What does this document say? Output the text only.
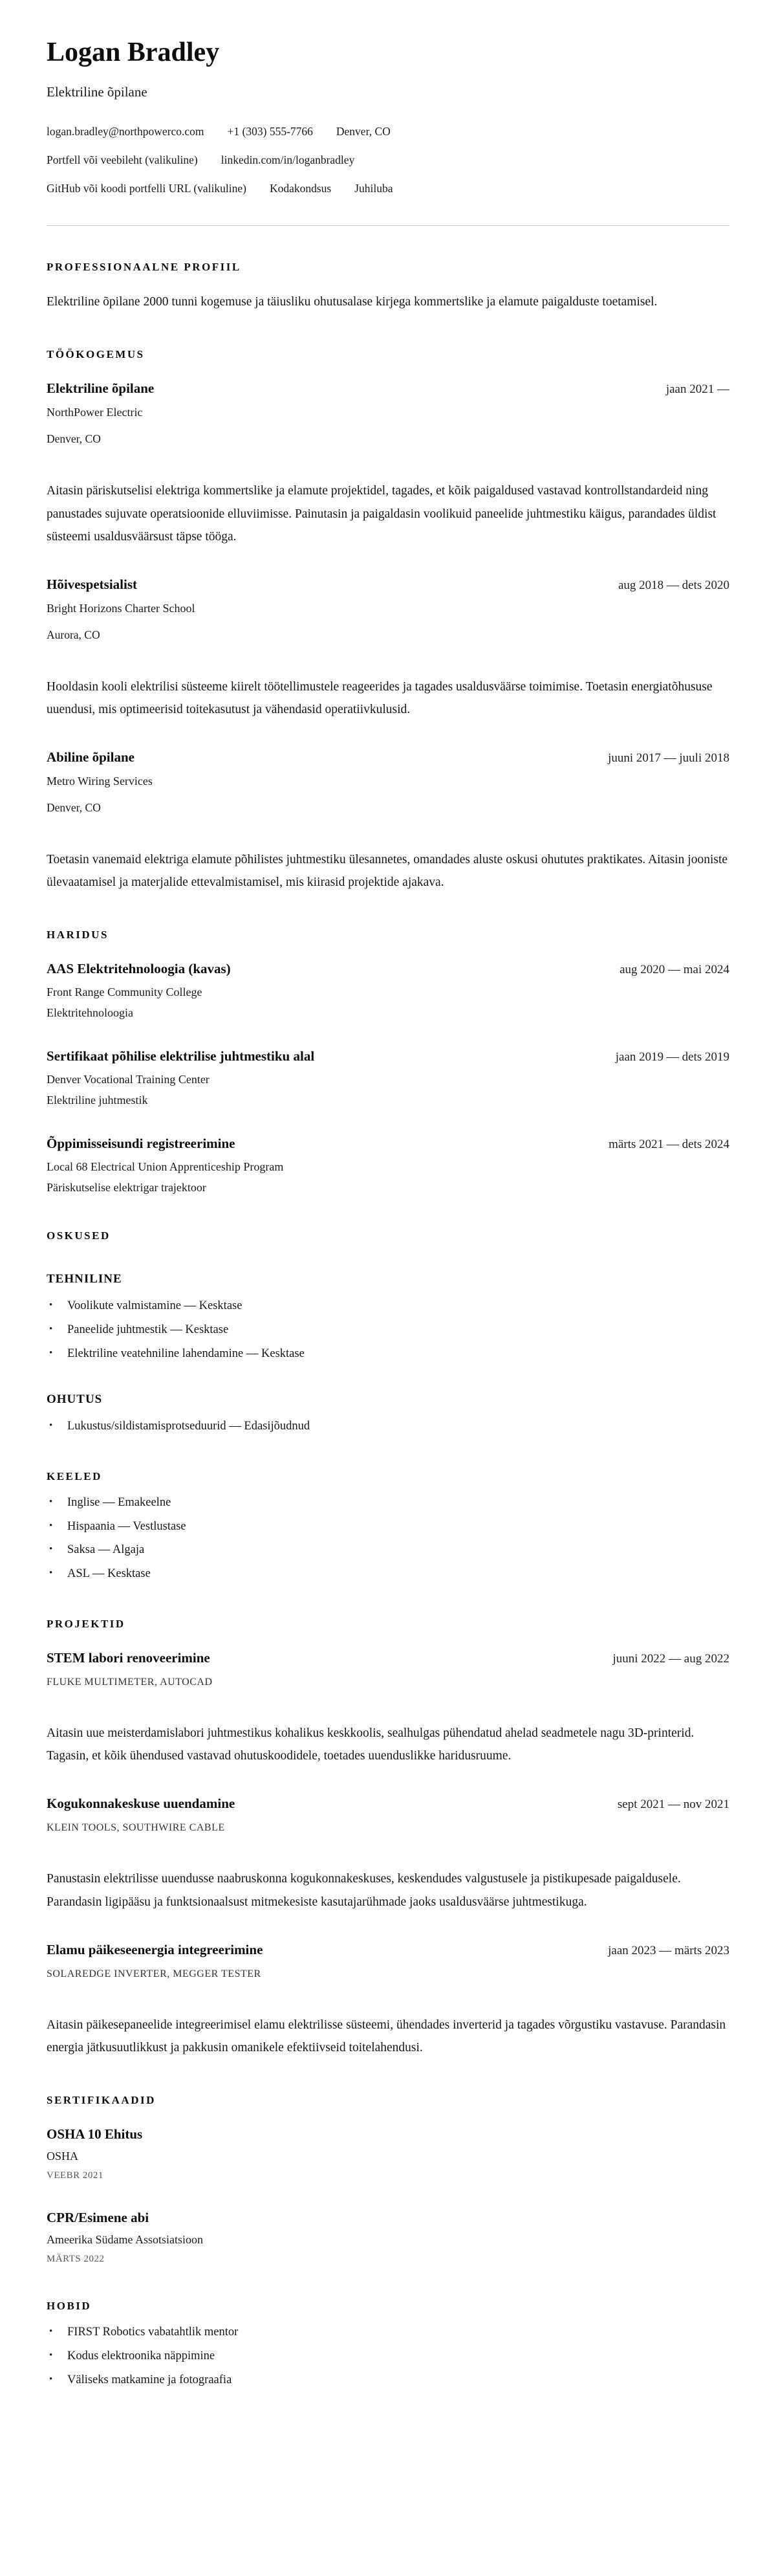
Logan Bradley
Elektriline õpilane
logan.bradley@northpowerco.com +1 (303) 555-7766 Denver, CO
Portfell või veebileht (valikuline) linkedin.com/in/loganbradley
GitHub või koodi portfelli URL (valikuline) Kodakondsus Juhiluba
PROFESSIONAALNE PROFIIL

Elektriline õpilane 2000 tunni kogemuse ja täiusliku ohutusalase kirjega kommertslike ja elamute paigalduste toetamisel.

TÖÖKOGEMUS
Elektriline õpilane	jaan 2021 —
NorthPower Electric
Denver, CO

Aitasin päriskutselisi elektriga kommertslike ja elamute projektidel, tagades, et kõik paigaldused vastavad kontrollstandardeid ning panustades sujuvate operatsioonide elluviimisse. Painutasin ja paigaldasin voolikuid paneelide juhtmestiku käigus, parandades üldist süsteemi usaldusväärsust täpse tööga.

Hõivespetsialist	aug 2018 — dets 2020
Bright Horizons Charter School
Aurora, CO

Hooldasin kooli elektrilisi süsteeme kiirelt töötellimustele reageerides ja tagades usaldusväärse toimimise. Toetasin energiatõhususe uuendusi, mis optimeerisid toitekasutust ja vähendasid operatiivkulusid.

Abiline õpilane	juuni 2017 — juuli 2018
Metro Wiring Services
Denver, CO

Toetasin vanemaid elektriga elamute põhilistes juhtmestiku ülesannetes, omandades aluste oskusi ohututes praktikates. Aitasin jooniste ülevaatamisel ja materjalide ettevalmistamisel, mis kiirasid projektide ajakava.

HARIDUS
AAS Elektritehnoloogia (kavas)	aug 2020 — mai 2024
Front Range Community College
Elektritehnoloogia
Sertifikaat põhilise elektrilise juhtmestiku alal	jaan 2019 — dets 2019
Denver Vocational Training Center
Elektriline juhtmestik
Õppimisseisundi registreerimine	märts 2021 — dets 2024
Local 68 Electrical Union Apprenticeship Program
Päriskutselise elektrigar trajektoor
OSKUSED
TEHNILINE
• Voolikute valmistamine — Kesktase
• Paneelide juhtmestik — Kesktase
• Elektriline veatehniline lahendamine — Kesktase
OHUTUS
• Lukustus/sildistamisprotseduurid — Edasijõudnud
KEELED
• Inglise — Emakeelne
• Hispaania — Vestlustase
• Saksa — Algaja
• ASL — Kesktase
PROJEKTID
STEM labori renoveerimine	juuni 2022 — aug 2022
FLUKE MULTIMETER, AUTOCAD

Aitasin uue meisterdamislabori juhtmestikus kohalikus keskkoolis, sealhulgas pühendatud ahelad seadmetele nagu 3D-printerid. Tagasin, et kõik ühendused vastavad ohutuskoodidele, toetades uuenduslikke haridusruume.

Kogukonnakeskuse uuendamine	sept 2021 — nov 2021
KLEIN TOOLS, SOUTHWIRE CABLE

Panustasin elektrilisse uuendusse naabruskonna kogukonnakeskuses, keskendudes valgustusele ja pistikupesade paigaldusele. Parandasin ligipääsu ja funktsionaalsust mitmekesiste kasutajarühmade jaoks usaldusväärse juhtmestikuga.

Elamu päikeseenergia integreerimine	jaan 2023 — märts 2023
SOLAREDGE INVERTER, MEGGER TESTER

Aitasin päikesepaneelide integreerimisel elamu elektrilisse süsteemi, ühendades inverterid ja tagades võrgustiku vastavuse. Parandasin energia jätkusuutlikkust ja pakkusin omanikele efektiivseid toitelahendusi.

SERTIFIKAADID
OSHA 10 Ehitus
OSHA
VEEBR 2021
CPR/Esimene abi
Ameerika Südame Assotsiatsioon
MÄRTS 2022
HOBID
• FIRST Robotics vabatahtlik mentor
• Kodus elektroonika näppimine
• Väliseks matkamine ja fotograafia
